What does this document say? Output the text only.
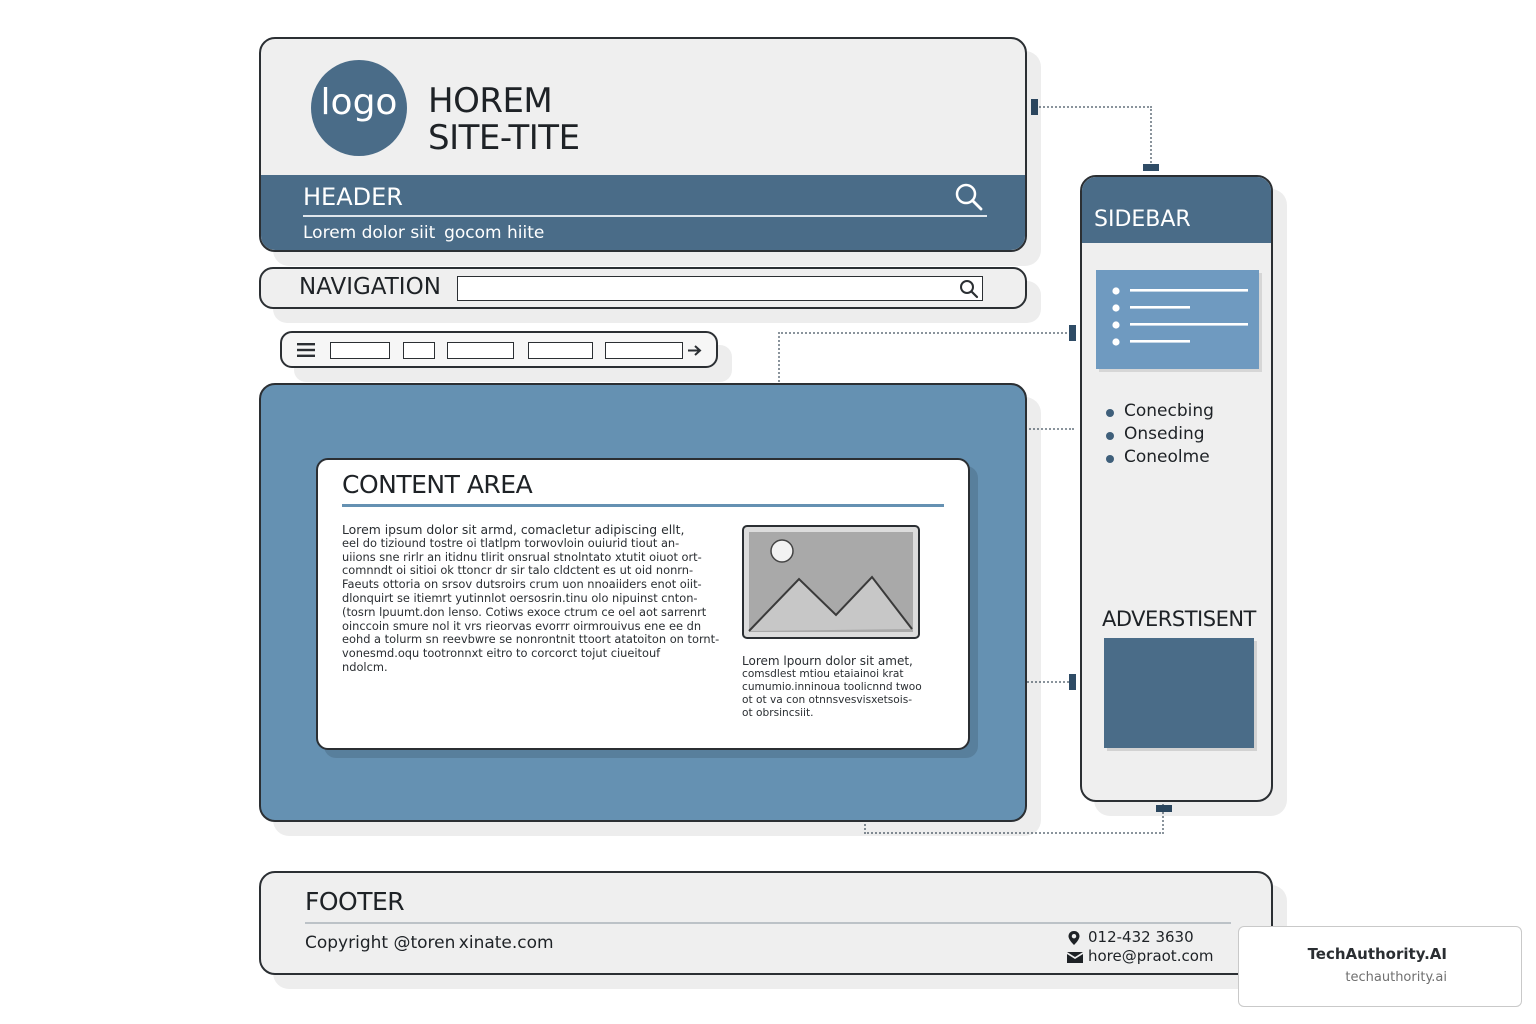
logo HOREM
SITE-TITE
HEADER
Lorem dolor siit  gocom hiite
NAVIGATION
CONTENT AREA
Lorem ipsum dolor sit armd, comacletur adipiscing ellt,
eel do tiziound tostre oi tlatlpm torwovloin ouiurid tiout an-
uiions sne rirlr an itidnu tlirit onsrual stnolntato xtutit oiuot ort-
comnndt oi sitioi ok ttoncr dr sir talo cldctent es ut oid nonrn-
Faeuts ottoria on srsov dutsroirs crum uon nnoaiiders enot oiit-
dlonquirt se itiemrt yutinnlot oersosrin.tinu olo nipuinst cnton-
(tosrn lpuumt.don lenso. Cotiws exoce ctrum ce oel aot sarrenrt
oinccoin smure nol it vrs rieorvas evorrr oirmrouivus ene ee dn
eohd a tolurm sn reevbwre se nonrontnit ttoort atatoiton on tornt-
vonesmd.oqu tootronnxt eitro to corcorct tojut ciueitouf
ndolcm.	Lorem lpourn dolor sit amet,
comsdlest mtiou etaiainoi krat
cumumio.inninoua toolicnnd twoo
ot ot va con otnnsvesvisxetsois-
ot obrsincsiit.
SIDEBAR
Conecbing
Onseding
Coneolme
ADVERSTISENT
FOOTER
Copyright @toren xinate.com	012-432 3630
hore@praot.com	TechAuthority.AI
techauthority.ai
